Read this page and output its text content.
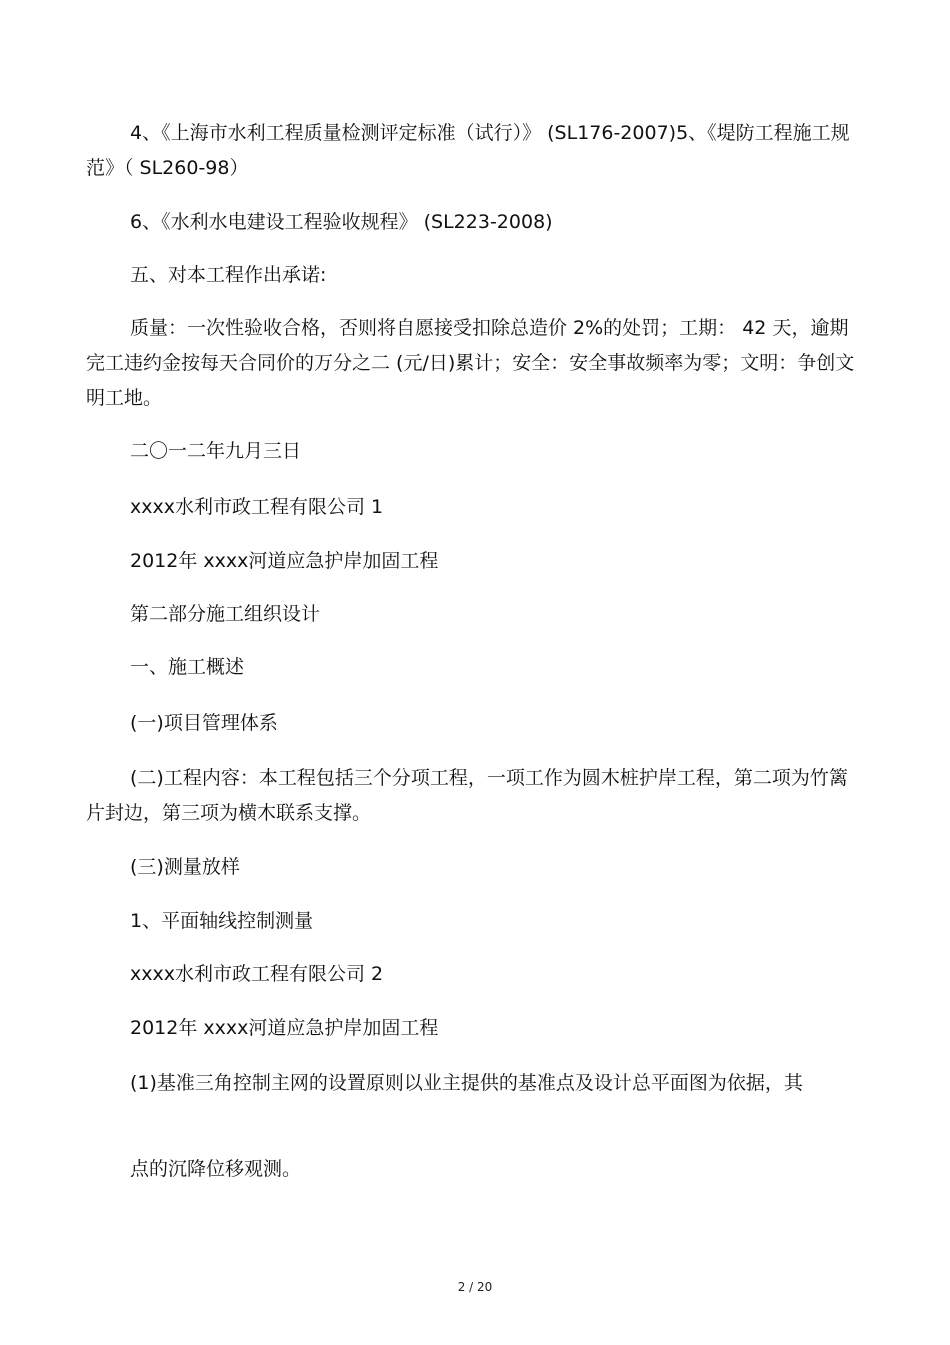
4、《上海市水利工程质量检测评定标准（试行）》 (SL176-2007)5、《堤防工程施工规范》（ SL260-98）

6、《水利水电建设工程验收规程》 (SL223-2008)

五、对本工程作出承诺:

质量：一次性验收合格，否则将自愿接受扣除总造价 2%的处罚；工期： 42 天，逾期完工违约金按每天合同价的万分之二 (元/日)累计；安全：安全事故频率为零；文明：争创文明工地。

二〇一二年九月三日

xxxx水利市政工程有限公司 1

2012年 xxxx河道应急护岸加固工程

第二部分施工组织设计

一、施工概述

(一)项目管理体系

(二)工程内容：本工程包括三个分项工程，一项工作为圆木桩护岸工程，第二项为竹篱片封边，第三项为横木联系支撑。

(三)测量放样

1、平面轴线控制测量

xxxx水利市政工程有限公司 2

2012年 xxxx河道应急护岸加固工程

(1)基准三角控制主网的设置原则以业主提供的基准点及设计总平面图为依据，其

点的沉降位移观测。

2 / 20
